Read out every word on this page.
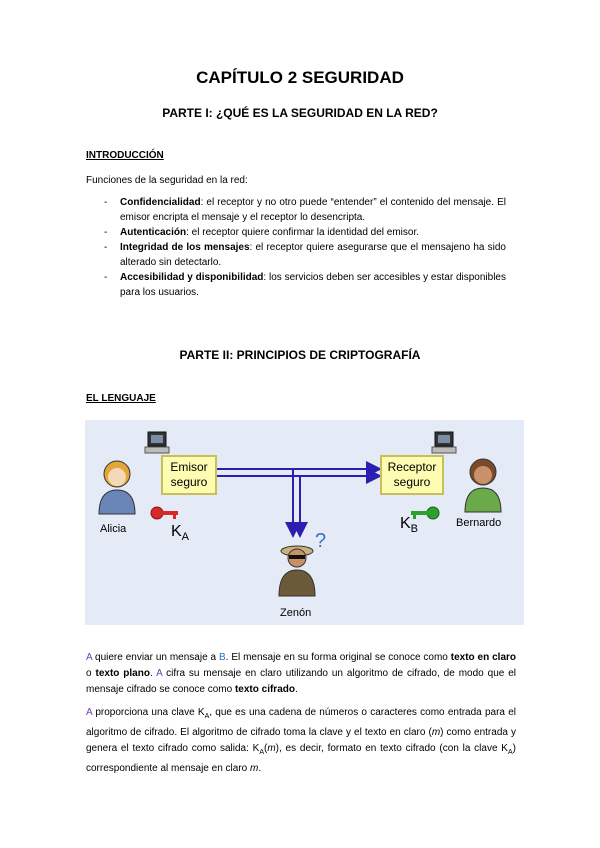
CAPÍTULO 2 SEGURIDAD
PARTE I: ¿QUÉ ES LA SEGURIDAD EN LA RED?
INTRODUCCIÓN
Funciones de la seguridad en la red:
- Confidencialidad: el receptor y no otro puede “entender” el contenido del mensaje. El emisor encripta el mensaje y el receptor lo desencripta.
- Autenticación: el receptor quiere confirmar la identidad del emisor.
- Integridad de los mensajes: el receptor quiere asegurarse que el mensajeno ha sido alterado sin detectarlo.
- Accesibilidad y disponibilidad: los servicios deben ser accesibles y estar disponibles para los usuarios.
PARTE II: PRINCIPIOS DE CRIPTOGRAFÍA
EL LENGUAJE
Emisor
seguro
Receptor
seguro
Alicia	Bernardo
Zenón
$K_A$
$K_B$
?
A quiere enviar un mensaje a B. El mensaje en su forma original se conoce como texto en claro o texto plano. A cifra su mensaje en claro utilizando un algoritmo de cifrado, de modo que el mensaje cifrado se conoce como texto cifrado.
A proporciona una clave $K_A$, que es una cadena de números o caracteres como entrada para el algoritmo de cifrado. El algoritmo de cifrado toma la clave y el texto en claro (m) como entrada y genera el texto cifrado como salida: $K_A(m)$, es decir, formato en texto cifrado (con la clave $K_A$) correspondiente al mensaje en claro m.
